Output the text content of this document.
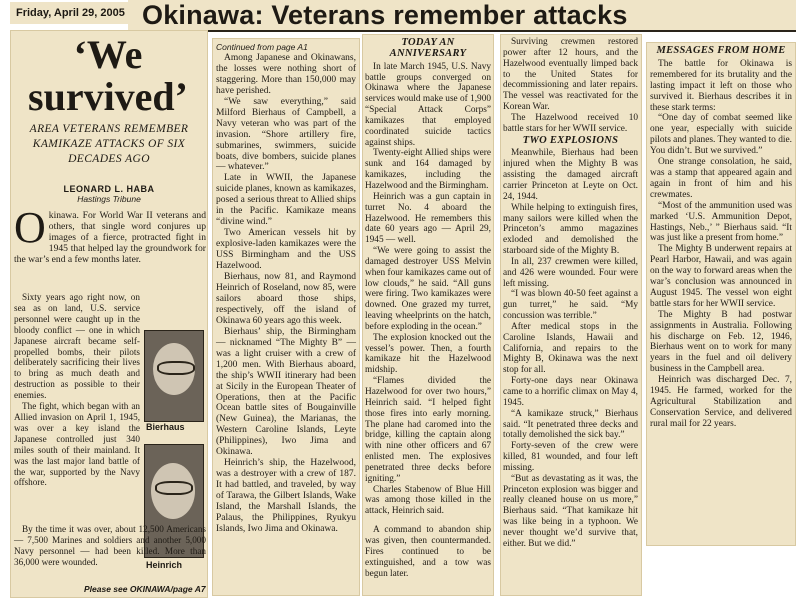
Friday, April 29, 2005 Okinawa: Veterans remember attacks
‘We survived’
AREA VETERANS REMEMBER KAMIKAZE ATTACKS OF SIX DECADES AGO
LEONARD L. HABA
Hastings Tribune

Okinawa. For World War II veterans and others, that single word conjures up images of a fierce, protracted fight in 1945 that helped lay the groundwork for the war’s end a few months later.

Sixty years ago right now, on sea as on land, U.S. service personnel were caught up in the bloody conflict — one in which Japanese aircraft became self-propelled bombs, their pilots deliberately sacrificing their lives to bring as much death and destruction as possible to their enemies.

The fight, which began with an Allied invasion on April 1, 1945, was over a key island the Japanese controlled just 340 miles south of their mainland. It was the last major land battle of the war, supported by the Navy offshore.

Bierhaus
Heinrich

By the time it was over, about 12,500 Americans — 7,500 Marines and soldiers and another 5,000 Navy personnel — had been killed. More than 36,000 were wounded.

Please see OKINAWA/page A7

Continued from page A1

Among Japanese and Okinawans, the losses were nothing short of staggering. More than 150,000 may have perished.

“We saw everything,” said Milford Bierhaus of Campbell, a Navy veteran who was part of the invasion. “Shore artillery fire, submarines, swimmers, suicide boats, dive bombers, suicide planes — whatever.”

Late in WWII, the Japanese suicide planes, known as kamikazes, posed a serious threat to Allied ships in the Pacific. Kamikaze means “divine wind.”

Two American vessels hit by explosive-laden kamikazes were the USS Birmingham and the USS Hazelwood.

Bierhaus, now 81, and Raymond Heinrich of Roseland, now 85, were sailors aboard those ships, respectively, off the island of Okinawa 60 years ago this week.

Bierhaus’ ship, the Birmingham — nicknamed “The Mighty B” — was a light cruiser with a crew of 1,200 men. With Bierhaus aboard, the ship’s WWII itinerary had been at Sicily in the European Theater of Operations, then at the Pacific Ocean battle sites of Bougainville (New Guinea), the Marianas, the Western Caroline Islands, Leyte (Philippines), Iwo Jima and Okinawa.

Heinrich’s ship, the Hazelwood, was a destroyer with a crew of 187. It had battled, and traveled, by way of Tarawa, the Gilbert Islands, Wake Island, the Marshall Islands, the Palaus, the Philippines, Ryukyu Islands, Iwo Jima and Okinawa.

TODAY AN ANNIVERSARY

In late March 1945, U.S. Navy battle groups converged on Okinawa where the Japanese services would make use of 1,900 “Special Attack Corps” kamikazes that employed coordinated suicide tactics against ships.

Twenty-eight Allied ships were sunk and 164 damaged by kamikazes, including the Hazelwood and the Birmingham.

Heinrich was a gun captain in turret No. 4 aboard the Hazelwood. He remembers this date 60 years ago — April 29, 1945 — well.

“We were going to assist the damaged destroyer USS Melvin when four kamikazes came out of low clouds,” he said. “All guns were firing. Two kamikazes were downed. One grazed my turret, leaving wheelprints on the hatch, before exploding in the ocean.”

The explosion knocked out the vessel’s power. Then, a fourth kamikaze hit the Hazelwood midship.

“Flames divided the Hazelwood for over two hours,” Heinrich said. “I helped fight those fires into early morning. The plane had caromed into the bridge, killing the captain along with nine other officers and 67 enlisted men. The explosives penetrated three decks before igniting.”

Charles Stabenow of Blue Hill was among those killed in the attack, Heinrich said.

A command to abandon ship was given, then countermanded. Fires continued to be extinguished, and a tow was begun later.

Surviving crewmen restored power after 12 hours, and the Hazelwood eventually limped back to the United States for decommissioning and later repairs. The vessel was reactivated for the Korean War.

The Hazelwood received 10 battle stars for her WWII service.

TWO EXPLOSIONS

Meanwhile, Bierhaus had been injured when the Mighty B was assisting the damaged aircraft carrier Princeton at Leyte on Oct. 24, 1944.

While helping to extinguish fires, many sailors were killed when the Princeton’s ammo magazines exloded and demolished the starboard side of the Mighty B.

In all, 237 crewmen were killed, and 426 were wounded. Four were left missing.

“I was blown 40-50 feet against a gun turret,” he said. “My concussion was terrible.”

After medical stops in the Caroline Islands, Hawaii and California, and repairs to the Mighty B, Okinawa was the next stop for all.

Forty-one days near Okinawa came to a horrific climax on May 4, 1945.

“A kamikaze struck,” Bierhaus said. “It penetrated three decks and totally demolished the sick bay.”

Forty-seven of the crew were killed, 81 wounded, and four left missing.

“But as devastating as it was, the Princeton explosion was bigger and really cleaned house on us more,” Bierhaus said. “That kamikaze hit was like being in a typhoon. We never thought we’d survive that, either. But we did.”

MESSAGES FROM HOME

The battle for Okinawa is remembered for its brutality and the lasting impact it left on those who survived it. Bierhaus describes it in these stark terms:

“One day of combat seemed like one year, especially with suicide pilots and planes. They wanted to die. You didn’t. But we survived.”

One strange consolation, he said, was a stamp that appeared again and again in front of him and his crewmates.

“Most of the ammunition used was marked ‘U.S. Ammunition Depot, Hastings, Neb.,’ ” Bierhaus said. “It was just like a present from home.”

The Mighty B underwent repairs at Pearl Harbor, Hawaii, and was again on the way to forward areas when the war’s conclusion was announced in August 1945. The vessel won eight battle stars for her WWII service.

The Mighty B had postwar assignments in Australia. Following his discharge on Feb. 12, 1946, Bierhaus went on to work for many years in the fuel and oil delivery business in the Campbell area.

Heinrich was discharged Dec. 7, 1945. He farmed, worked for the Agricultural Stabilization and Conservation Service, and delivered rural mail for 22 years.
